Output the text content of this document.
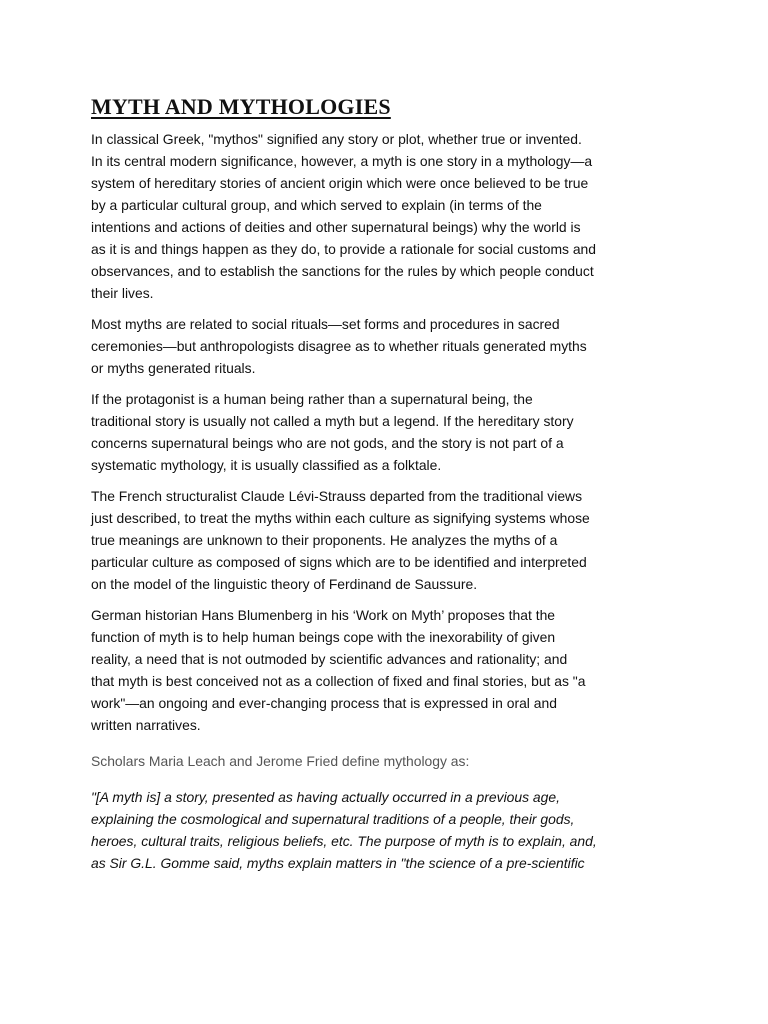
MYTH AND MYTHOLOGIES

In classical Greek, "mythos" signified any story or plot, whether true or invented.
In its central modern significance, however, a myth is one story in a mythology—a
system of hereditary stories of ancient origin which were once believed to be true
by a particular cultural group, and which served to explain (in terms of the
intentions and actions of deities and other supernatural beings) why the world is
as it is and things happen as they do, to provide a rationale for social customs and
observances, and to establish the sanctions for the rules by which people conduct
their lives.

Most myths are related to social rituals—set forms and procedures in sacred
ceremonies—but anthropologists disagree as to whether rituals generated myths
or myths generated rituals.

If the protagonist is a human being rather than a supernatural being, the
traditional story is usually not called a myth but a legend. If the hereditary story
concerns supernatural beings who are not gods, and the story is not part of a
systematic mythology, it is usually classified as a folktale.

The French structuralist Claude Lévi-Strauss departed from the traditional views
just described, to treat the myths within each culture as signifying systems whose
true meanings are unknown to their proponents. He analyzes the myths of a
particular culture as composed of signs which are to be identified and interpreted
on the model of the linguistic theory of Ferdinand de Saussure.

German historian Hans Blumenberg in his ‘Work on Myth’ proposes that the
function of myth is to help human beings cope with the inexorability of given
reality, a need that is not outmoded by scientific advances and rationality; and
that myth is best conceived not as a collection of fixed and final stories, but as "a
work"—an ongoing and ever-changing process that is expressed in oral and
written narratives.

Scholars Maria Leach and Jerome Fried define mythology as:

"[A myth is] a story, presented as having actually occurred in a previous age,
explaining the cosmological and supernatural traditions of a people, their gods,
heroes, cultural traits, religious beliefs, etc. The purpose of myth is to explain, and,
as Sir G.L. Gomme said, myths explain matters in "the science of a pre-scientific
